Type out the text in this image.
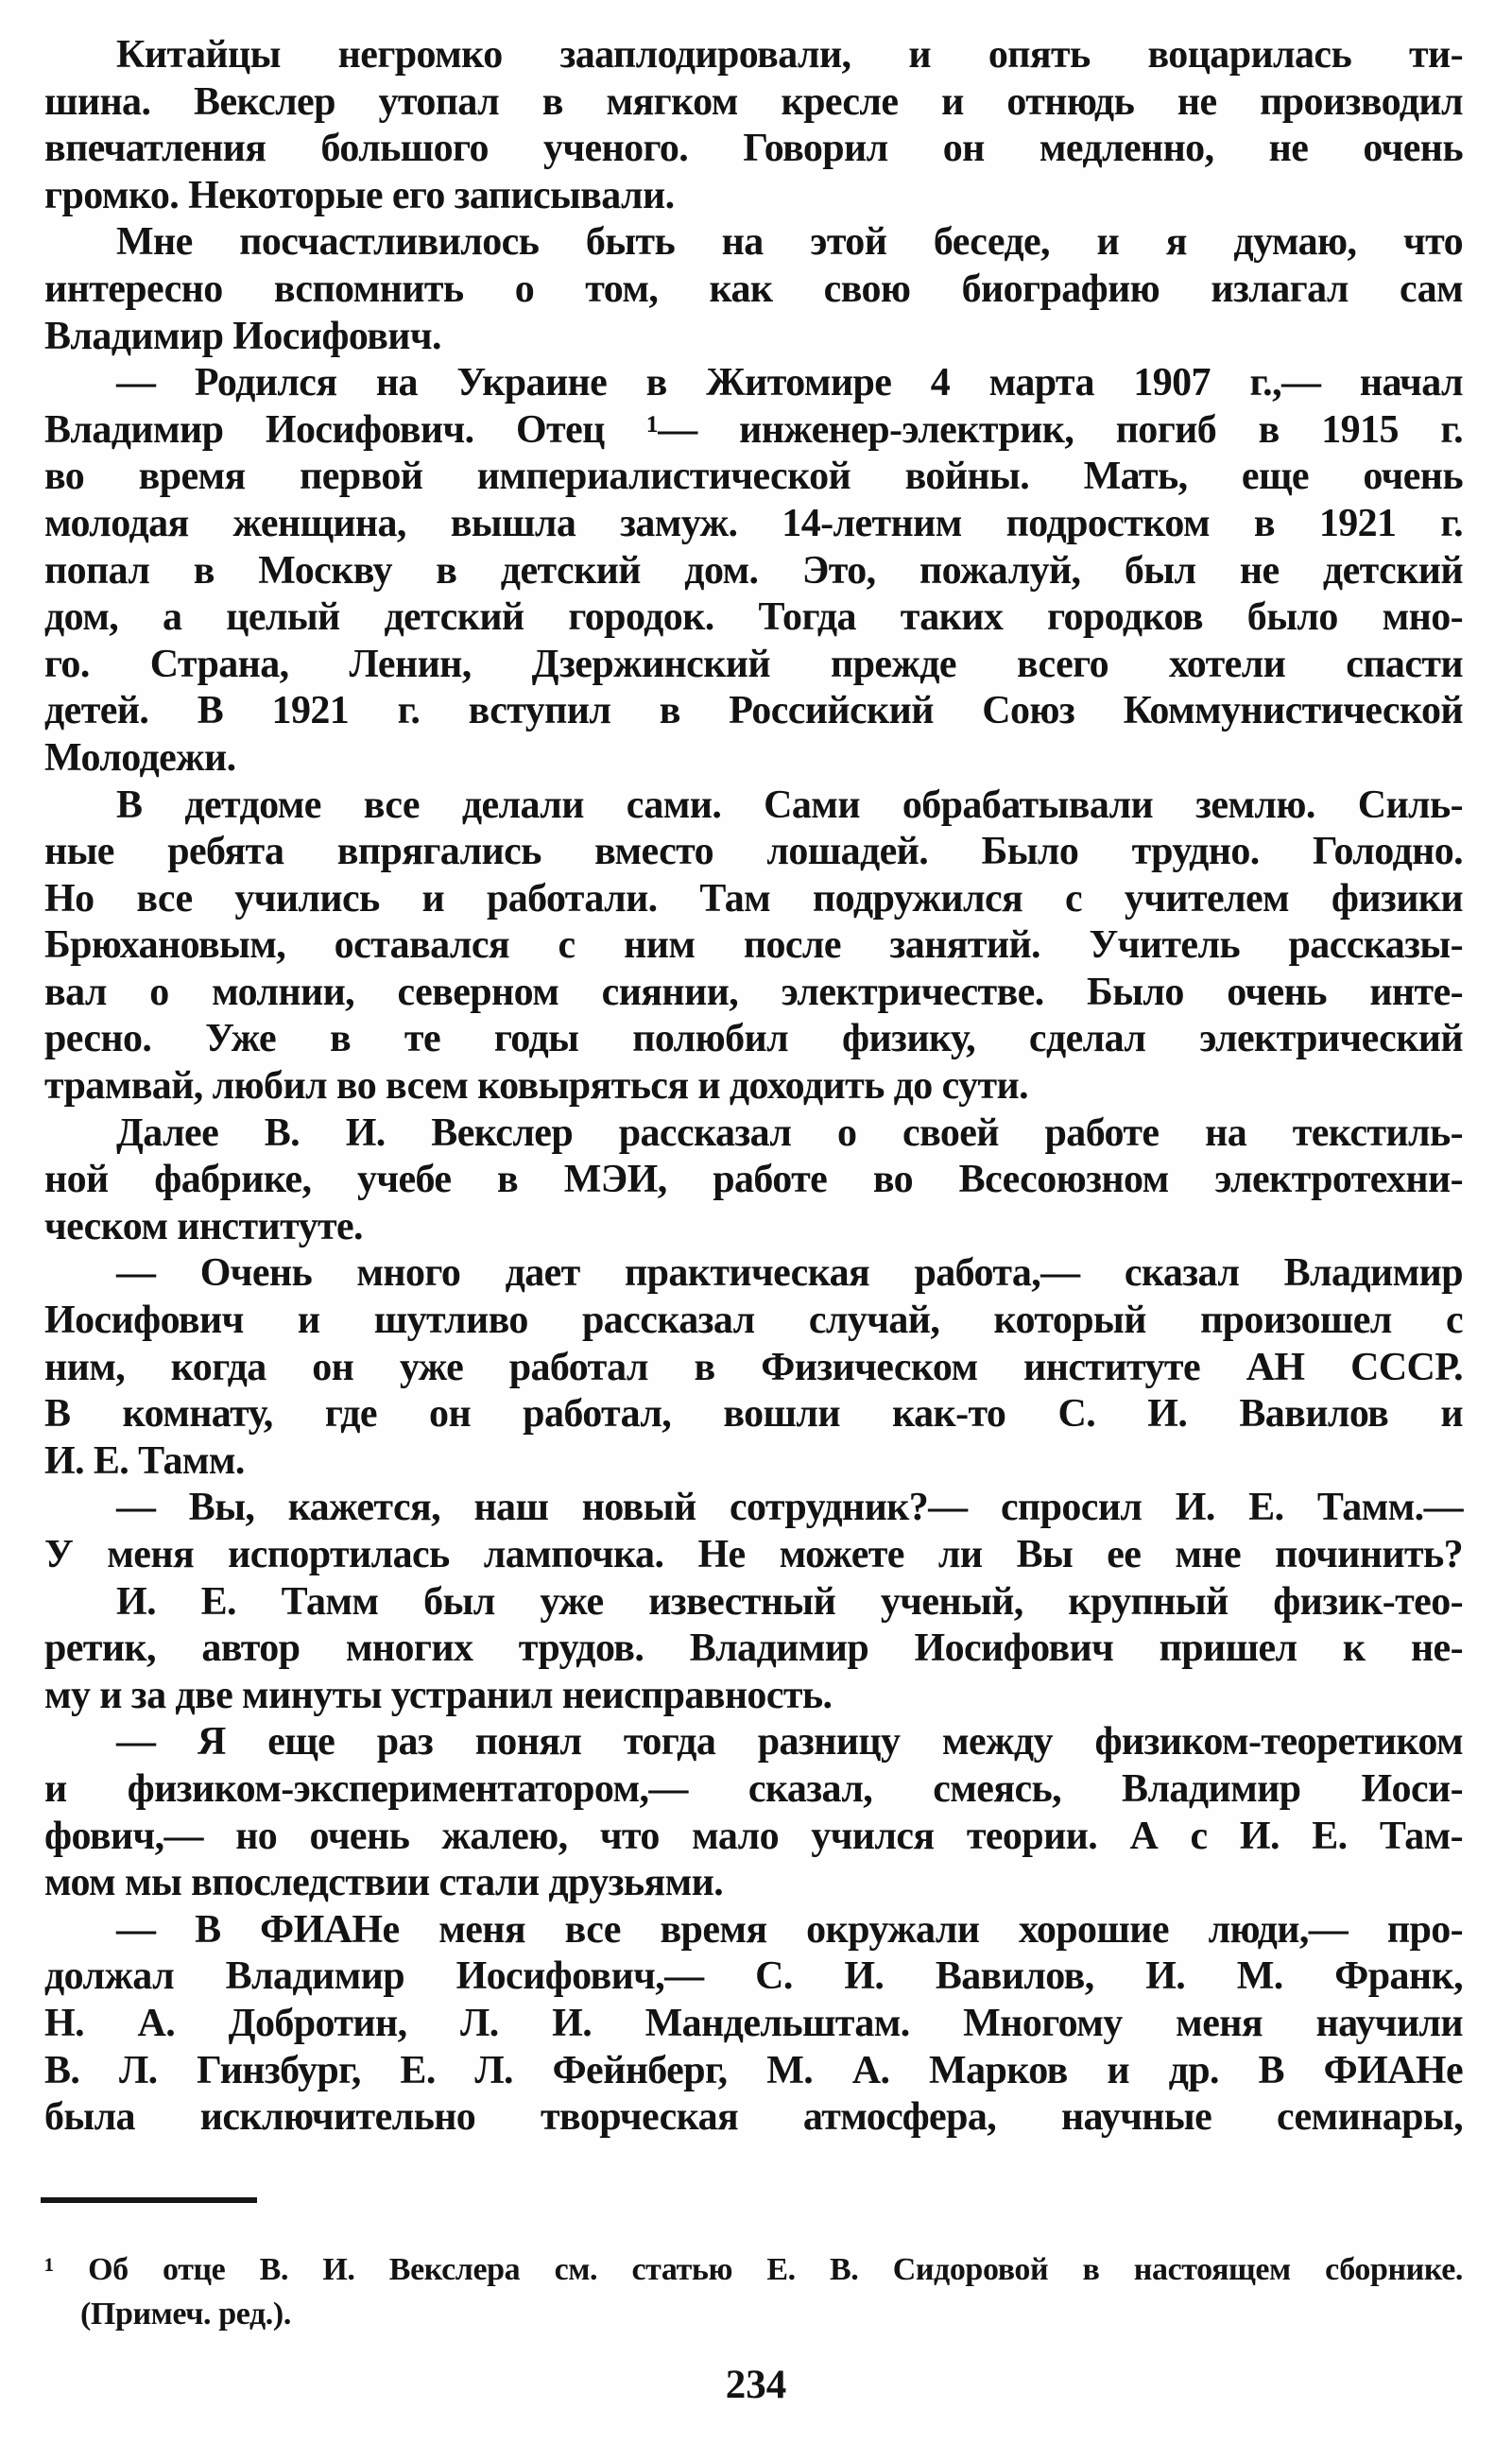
Китайцы негромко зааплодировали, и опять воцарилась ти-
шина. Векслер утопал в мягком кресле и отнюдь не производил
впечатления большого ученого. Говорил он медленно, не очень
громко. Некоторые его записывали.
Мне посчастливилось быть на этой беседе, и я думаю, что
интересно вспомнить о том, как свою биографию излагал сам
Владимир Иосифович.
— Родился на Украине в Житомире 4 марта 1907 г.,— начал
Владимир Иосифович. Отец ¹— инженер-электрик, погиб в 1915 г.
во время первой империалистической войны. Мать, еще очень
молодая женщина, вышла замуж. 14-летним подростком в 1921 г.
попал в Москву в детский дом. Это, пожалуй, был не детский
дом, а целый детский городок. Тогда таких городков было мно-
го. Страна, Ленин, Дзержинский прежде всего хотели спасти
детей. В 1921 г. вступил в Российский Союз Коммунистической
Молодежи.
В детдоме все делали сами. Сами обрабатывали землю. Силь-
ные ребята впрягались вместо лошадей. Было трудно. Голодно.
Но все учились и работали. Там подружился с учителем физики
Брюхановым, оставался с ним после занятий. Учитель рассказы-
вал о молнии, северном сиянии, электричестве. Было очень инте-
ресно. Уже в те годы полюбил физику, сделал электрический
трамвай, любил во всем ковыряться и доходить до сути.
Далее В. И. Векслер рассказал о своей работе на текстиль-
ной фабрике, учебе в МЭИ, работе во Всесоюзном электротехни-
ческом институте.
— Очень много дает практическая работа,— сказал Владимир
Иосифович и шутливо рассказал случай, который произошел с
ним, когда он уже работал в Физическом институте АН СССР.
В комнату, где он работал, вошли как-то С. И. Вавилов и
И. Е. Тамм.
— Вы, кажется, наш новый сотрудник?— спросил И. Е. Тамм.—
У меня испортилась лампочка. Не можете ли Вы ее мне починить?
И. Е. Тамм был уже известный ученый, крупный физик-тео-
ретик, автор многих трудов. Владимир Иосифович пришел к не-
му и за две минуты устранил неисправность.
— Я еще раз понял тогда разницу между физиком-теоретиком
и физиком-экспериментатором,— сказал, смеясь, Владимир Иоси-
фович,— но очень жалею, что мало учился теории. А с И. Е. Там-
мом мы впоследствии стали друзьями.
— В ФИАНе меня все время окружали хорошие люди,— про-
должал Владимир Иосифович,— С. И. Вавилов, И. М. Франк,
Н. А. Добротин, Л. И. Мандельштам. Многому меня научили
В. Л. Гинзбург, Е. Л. Фейнберг, М. А. Марков и др. В ФИАНе
была исключительно творческая атмосфера, научные семинары,
¹ Об отце В. И. Векслера см. статью Е. В. Сидоровой в настоящем сборнике.
(Примеч. ред.).
234
